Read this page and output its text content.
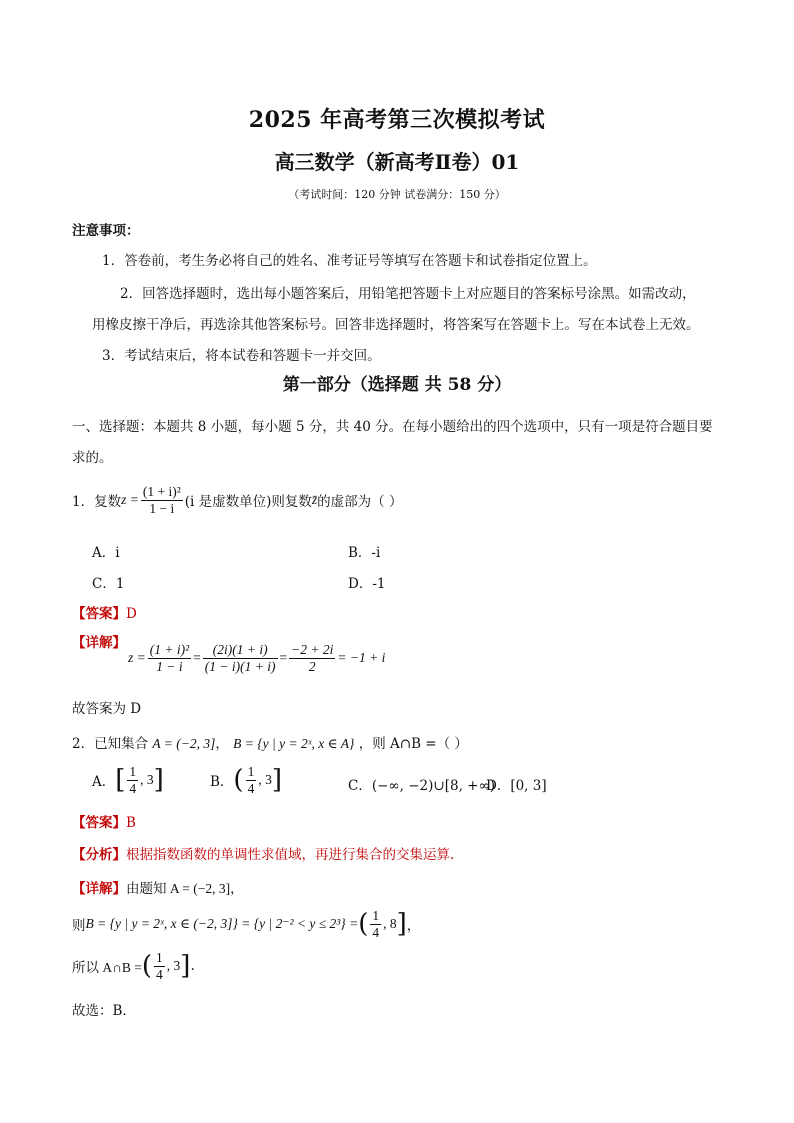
2025 年高考第三次模拟考试
高三数学（新高考Ⅱ卷）01
（考试时间：120 分钟 试卷满分：150 分）
注意事项：
1．答卷前，考生务必将自己的姓名、准考证号等填写在答题卡和试卷指定位置上。
2．回答选择题时，选出每小题答案后，用铅笔把答题卡上对应题目的答案标号涂黑。如需改动，
用橡皮擦干净后，再选涂其他答案标号。回答非选择题时，将答案写在答题卡上。写在本试卷上无效。
3．考试结束后，将本试卷和答题卡一并交回。
第一部分（选择题 共 58 分）
一、选择题：本题共 8 小题，每小题 5 分，共 40 分。在每小题给出的四个选项中，只有一项是符合题目要
求的。
1．复数 $z = \frac{\text{(1 + i)²}}{1 - i} (i$ 是虚数单位)则复数 z̄ 的虚部为（ ）
A．i	B．-i
C．1	D．-1
【答案】D
【详解】
$z = \frac{\text{(1 + i)²}}{1 - i} = \frac{(2i)(1 + i)}{(1 - i)(1 + i)} = \frac{-2 + 2i}{2} = -1 + i$
故答案为 D
2．已知集合 A = (−2, 3]， B = {y | y = 2ˣ, x ∈ A} ，则 A∩B =（ ）
A． [ $\frac{1}{4}$ , 3 ]	B． ( $\frac{1}{4}$ , 3 ]	C．(−∞, −2)∪[8, +∞)
D．[0, 3]
【答案】B
【分析】根据指数函数的单调性求值域，再进行集合的交集运算.
【详解】由题知 A = (−2, 3]，
则 B = {y | y = 2ˣ, x ∈ (−2, 3]} = {y | 2⁻² < y ≤ 2³} = ( $\frac{1}{4}$ , 8 ] ，
所以 A∩B = ( $\frac{1}{4}$ , 3 ] .
故选：B．
